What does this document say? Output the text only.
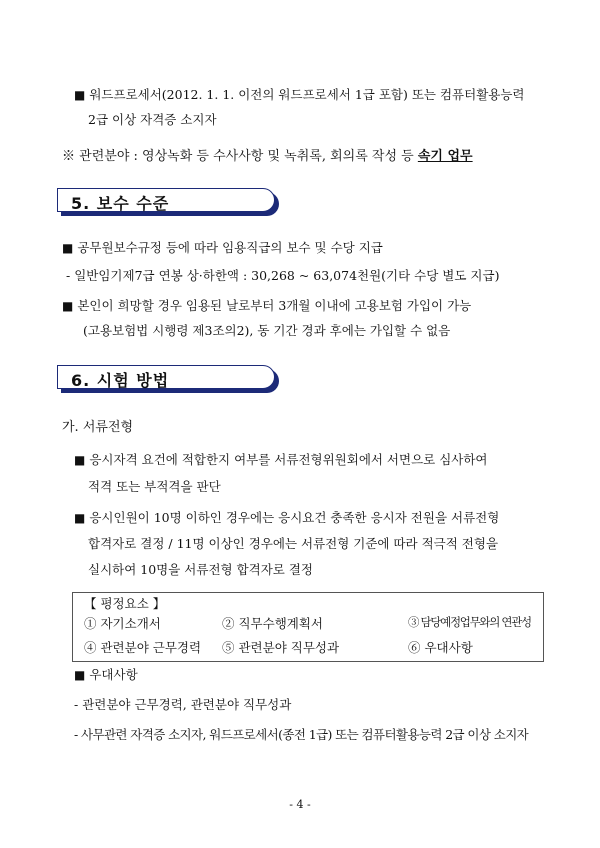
■ 워드프로세서(2012. 1. 1. 이전의 워드프로세서 1급 포함) 또는 컴퓨터활용능력
2급 이상 자격증 소지자
※ 관련분야 : 영상녹화 등 수사사항 및 녹취록, 회의록 작성 등 속기 업무
5. 보수 수준
■ 공무원보수규정 등에 따라 임용직급의 보수 및 수당 지급
- 일반임기제7급 연봉 상·하한액 : 30,268 ~ 63,074천원(기타 수당 별도 지급)
■ 본인이 희망할 경우 임용된 날로부터 3개월 이내에 고용보험 가입이 가능
(고용보험법 시행령 제3조의2), 동 기간 경과 후에는 가입할 수 없음
6. 시험 방법
가. 서류전형
■ 응시자격 요건에 적합한지 여부를 서류전형위원회에서 서면으로 심사하여
적격 또는 부적격을 판단
■ 응시인원이 10명 이하인 경우에는 응시요건 충족한 응시자 전원을 서류전형
합격자로 결정 / 11명 이상인 경우에는 서류전형 기준에 따라 적극적 전형을
실시하여 10명을 서류전형 합격자로 결정
【 평정요소 】
① 자기소개서	② 직무수행계획서	③ 담당예정업무와의 연관성
④ 관련분야 근무경력 ⑤ 관련분야 직무성과	⑥ 우대사항
■ 우대사항
- 관련분야 근무경력, 관련분야 직무성과
- 사무관련 자격증 소지자, 워드프로세서(종전 1급) 또는 컴퓨터활용능력 2급 이상 소지자
- 4 -
